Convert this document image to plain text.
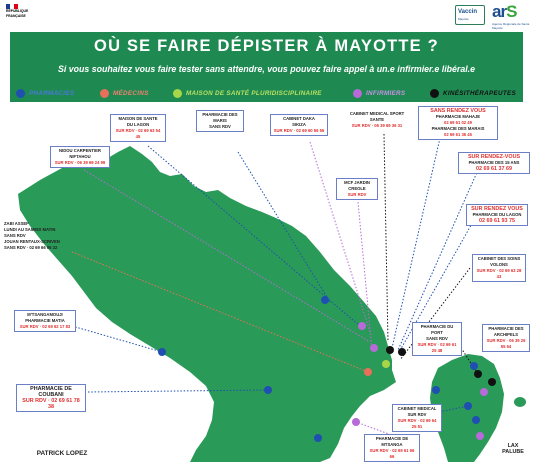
RÉPUBLIQUE
FRANÇAISE
Vaccin
Mayotte arS
Agence Régionale de Santé Mayotte
OÙ SE FAIRE DÉPISTER À MAYOTTE ?
Si vous souhaitez vous faire tester sans attendre, vous pouvez faire appel à un.e infirmier.e libéral.e
PHARMACIES	MÉDECINS	MAISON DE SANTÉ PLURIDISCIPLINAIRE	INFIRMIERS	KINÉSITHÉRAPEUTES
MAISON DE SANTE
DU LAGON
SUR RDV · 02 69 63 54 45
PHARMACIE DES
MARIS
SANS RDV
CABINET DAKA
SIKIZA
SUR RDV · 02 69 60 56 55
CABINET MEDICAL SPORT SANTE
SUR RDV · 06 39 69 36 31
SANS RENDEZ VOUS
PHARMACIE MAHAJE
02 69 61 02 49
PHARMACIE DES MARAIS
02 69 61 36 45
NIDOU CARPENTIER
NIFTAHOU
SUR RDV · 06 39 69 24 99
SUR RENDEZ-VOUS
PHARMACIE DES 15 ANS
02 69 61 37 69
MCF JARDIN
CREOLE
SUR RDV
SUR RENDEZ VOUS
PHARMACIE DU LAGON
02 69 61 93 75
ZABI ASSEF
LUNDI AU SAMEDI MATIN
SANS RDV
JOUAN RENTAUX-SCRIVEN
SANS RDV · 02 69 66 05 32
CABINET DES SOINS
VOLONS
SUR RDV · 02 69 63 28 43
M'TSANGAMOUJI
PHARMACIE MATIA
SUR RDV · 02 69 62 17 83
PHARMACIE DE
COUBANI
SUR RDV · 02 69 61 78 38
PHARMACIE DU PORT
SANS RDV
SUR RDV · 02 69 61 25 48
PHARMACIE DES
ARCHIPELS
SUR RDV · 06 39 26 55 54
CABINET MEDICAL
SUR RDV
SUR RDV · 02 69 64 25 51
PHARMACIE DE MTSANGA
SUR RDV · 02 69 61 66 66
LAX PALUBE
PATRICK LOPEZ
